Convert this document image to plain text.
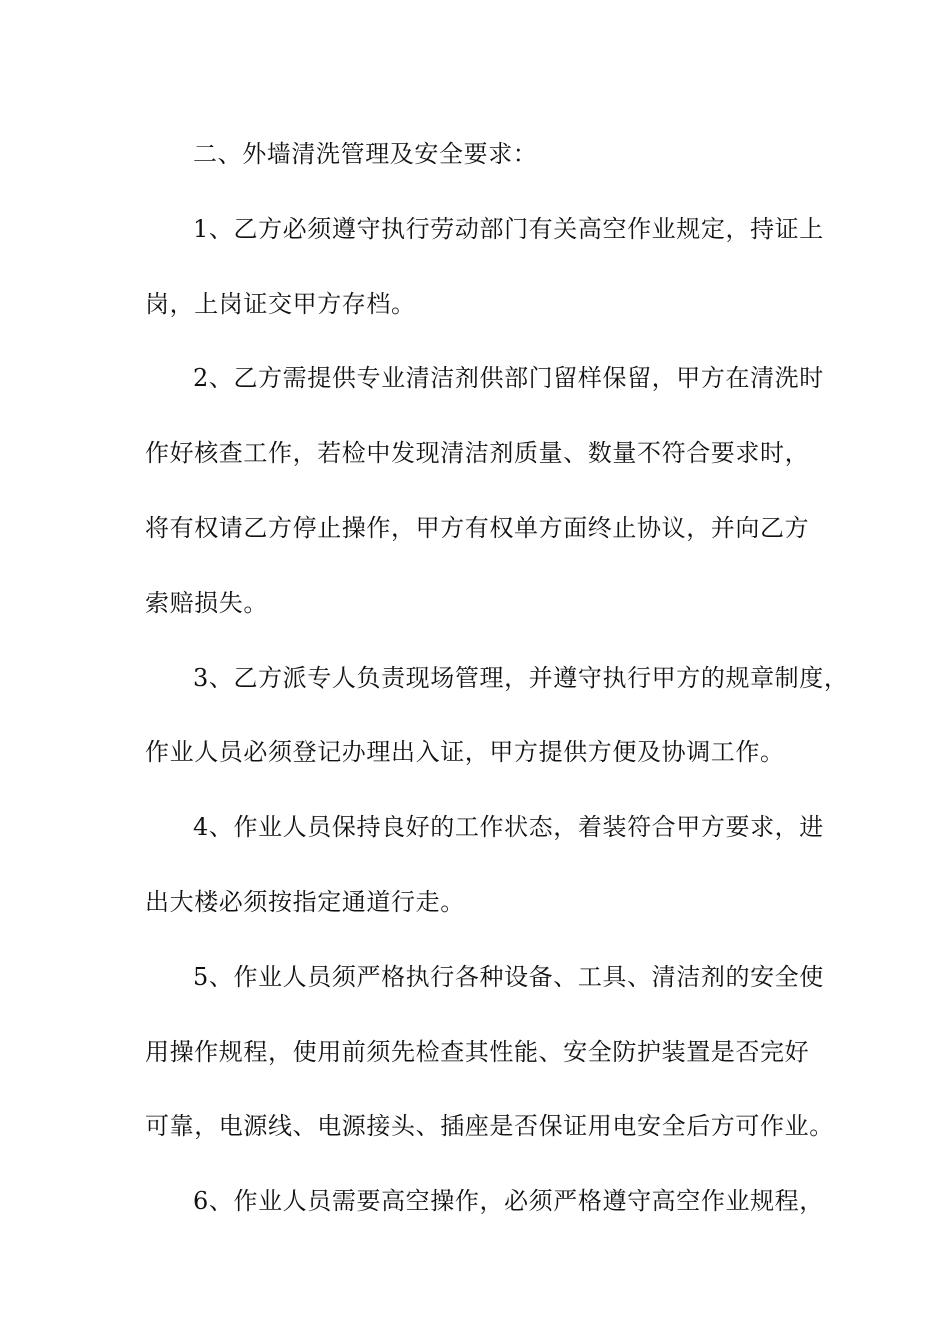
二、外墙清洗管理及安全要求：
1、乙方必须遵守执行劳动部门有关高空作业规定，持证上
岗，上岗证交甲方存档。
2、乙方需提供专业清洁剂供部门留样保留，甲方在清洗时
作好核查工作，若检中发现清洁剂质量、数量不符合要求时，
将有权请乙方停止操作，甲方有权单方面终止协议，并向乙方
索赔损失。
3、乙方派专人负责现场管理，并遵守执行甲方的规章制度，
作业人员必须登记办理出入证，甲方提供方便及协调工作。
4、作业人员保持良好的工作状态，着装符合甲方要求，进
出大楼必须按指定通道行走。
5、作业人员须严格执行各种设备、工具、清洁剂的安全使
用操作规程，使用前须先检查其性能、安全防护装置是否完好
可靠，电源线、电源接头、插座是否保证用电安全后方可作业。
6、作业人员需要高空操作，必须严格遵守高空作业规程，
